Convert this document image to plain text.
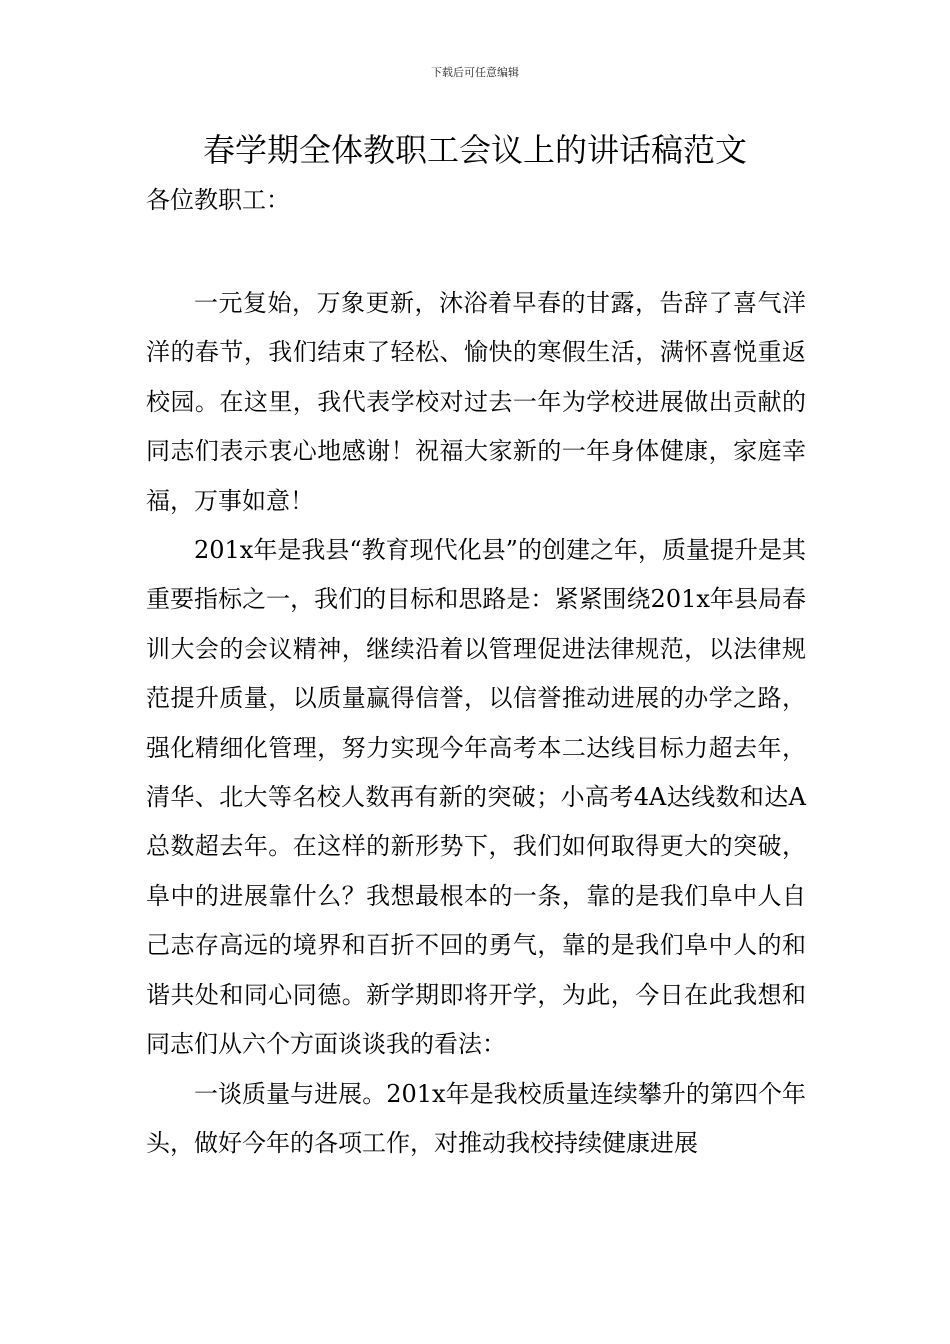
下载后可任意编辑
春学期全体教职工会议上的讲话稿范文
各位教职工：

一元复始，万象更新，沐浴着早春的甘露，告辞了喜气洋洋的春节，我们结束了轻松、愉快的寒假生活，满怀喜悦重返校园。在这里，我代表学校对过去一年为学校进展做出贡献的同志们表示衷心地感谢！祝福大家新的一年身体健康，家庭幸福，万事如意！

201x年是我县“教育现代化县”的创建之年，质量提升是其重要指标之一，我们的目标和思路是：紧紧围绕201x年县局春训大会的会议精神，继续沿着以管理促进法律规范，以法律规范提升质量，以质量赢得信誉，以信誉推动进展的办学之路，强化精细化管理，努力实现今年高考本二达线目标力超去年，清华、北大等名校人数再有新的突破；小高考4A达线数和达A总数超去年。在这样的新形势下，我们如何取得更大的突破，阜中的进展靠什么？我想最根本的一条，靠的是我们阜中人自己志存高远的境界和百折不回的勇气，靠的是我们阜中人的和谐共处和同心同德。新学期即将开学，为此，今日在此我想和同志们从六个方面谈谈我的看法：

一谈质量与进展。201x年是我校质量连续攀升的第四个年头，做好今年的各项工作，对推动我校持续健康进展
